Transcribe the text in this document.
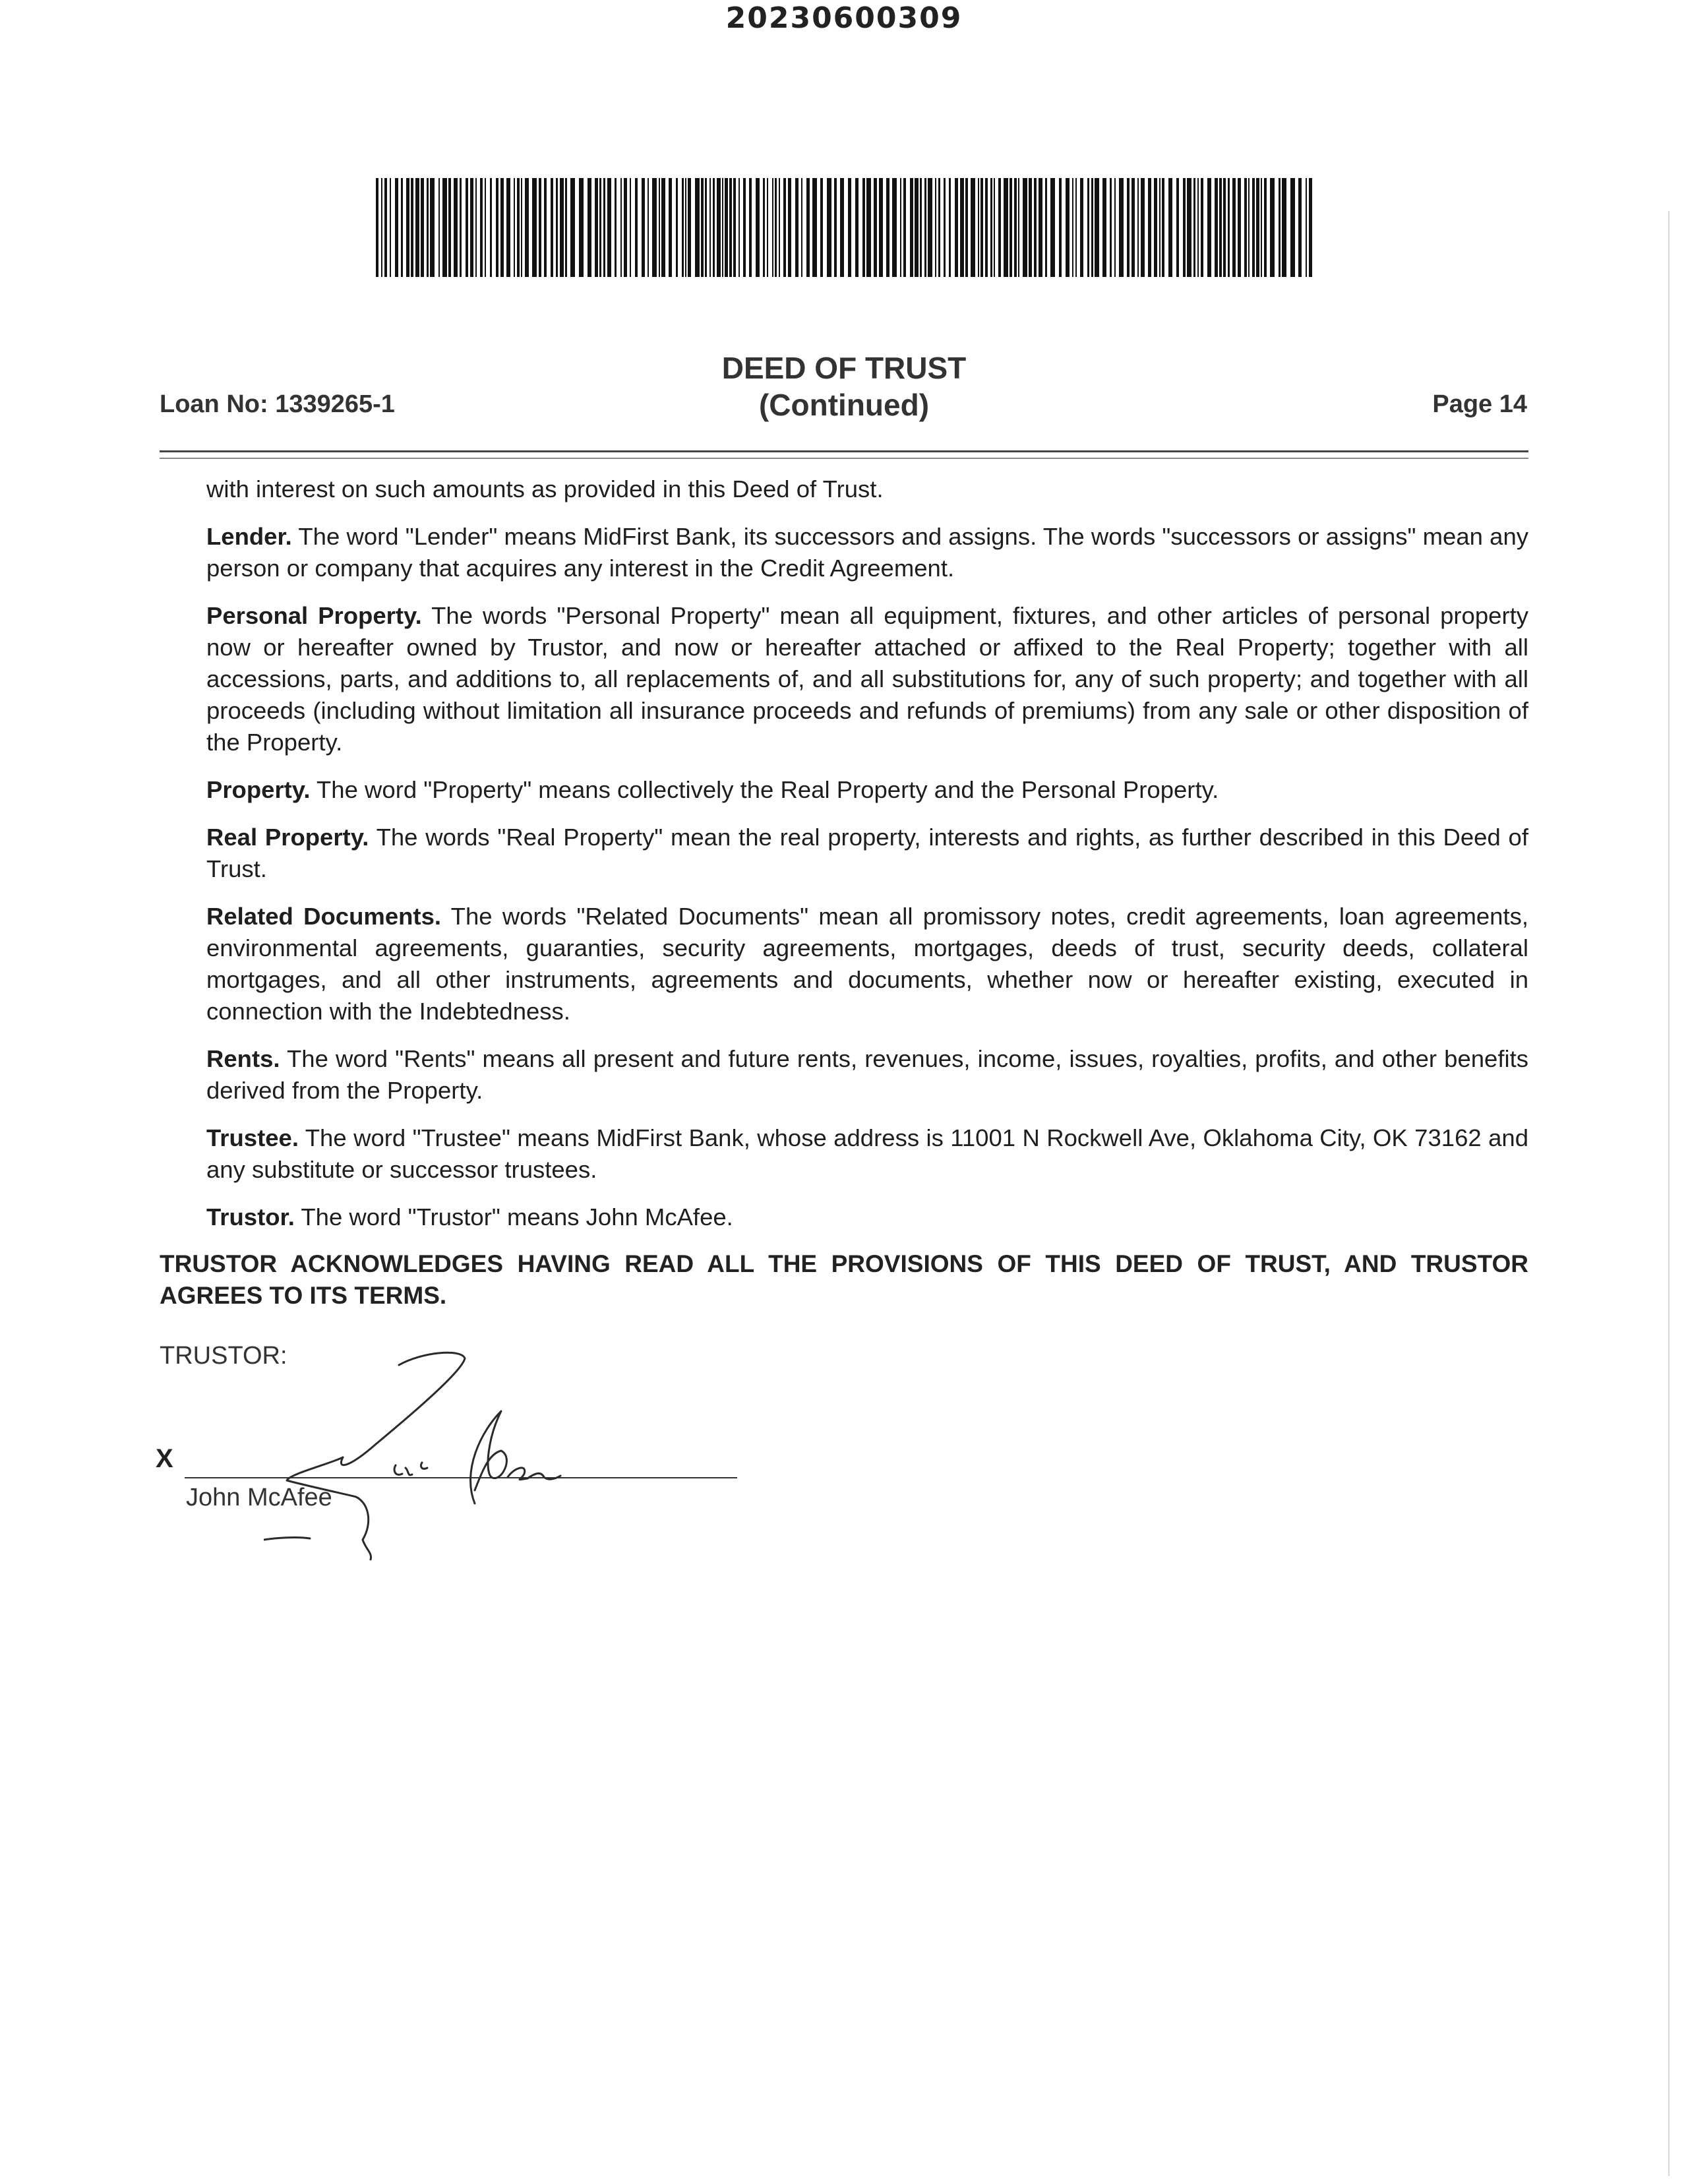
20230600309
DEED OF TRUST
(Continued)
Loan No: 1339265-1	Page 14

with interest on such amounts as provided in this Deed of Trust.

Lender. The word "Lender" means MidFirst Bank, its successors and assigns. The words "successors or assigns" mean any person or company that acquires any interest in the Credit Agreement.

Personal Property. The words "Personal Property" mean all equipment, fixtures, and other articles of personal property now or hereafter owned by Trustor, and now or hereafter attached or affixed to the Real Property; together with all accessions, parts, and additions to, all replacements of, and all substitutions for, any of such property; and together with all proceeds (including without limitation all insurance proceeds and refunds of premiums) from any sale or other disposition of the Property.

Property. The word "Property" means collectively the Real Property and the Personal Property.

Real Property. The words "Real Property" mean the real property, interests and rights, as further described in this Deed of Trust.

Related Documents. The words "Related Documents" mean all promissory notes, credit agreements, loan agreements, environmental agreements, guaranties, security agreements, mortgages, deeds of trust, security deeds, collateral mortgages, and all other instruments, agreements and documents, whether now or hereafter existing, executed in connection with the Indebtedness.

Rents. The word "Rents" means all present and future rents, revenues, income, issues, royalties, profits, and other benefits derived from the Property.

Trustee. The word "Trustee" means MidFirst Bank, whose address is 11001 N Rockwell Ave, Oklahoma City, OK 73162 and any substitute or successor trustees.

Trustor. The word "Trustor" means John McAfee.

TRUSTOR ACKNOWLEDGES HAVING READ ALL THE PROVISIONS OF THIS DEED OF TRUST, AND TRUSTOR AGREES TO ITS TERMS.
TRUSTOR:
X
John McAfee
